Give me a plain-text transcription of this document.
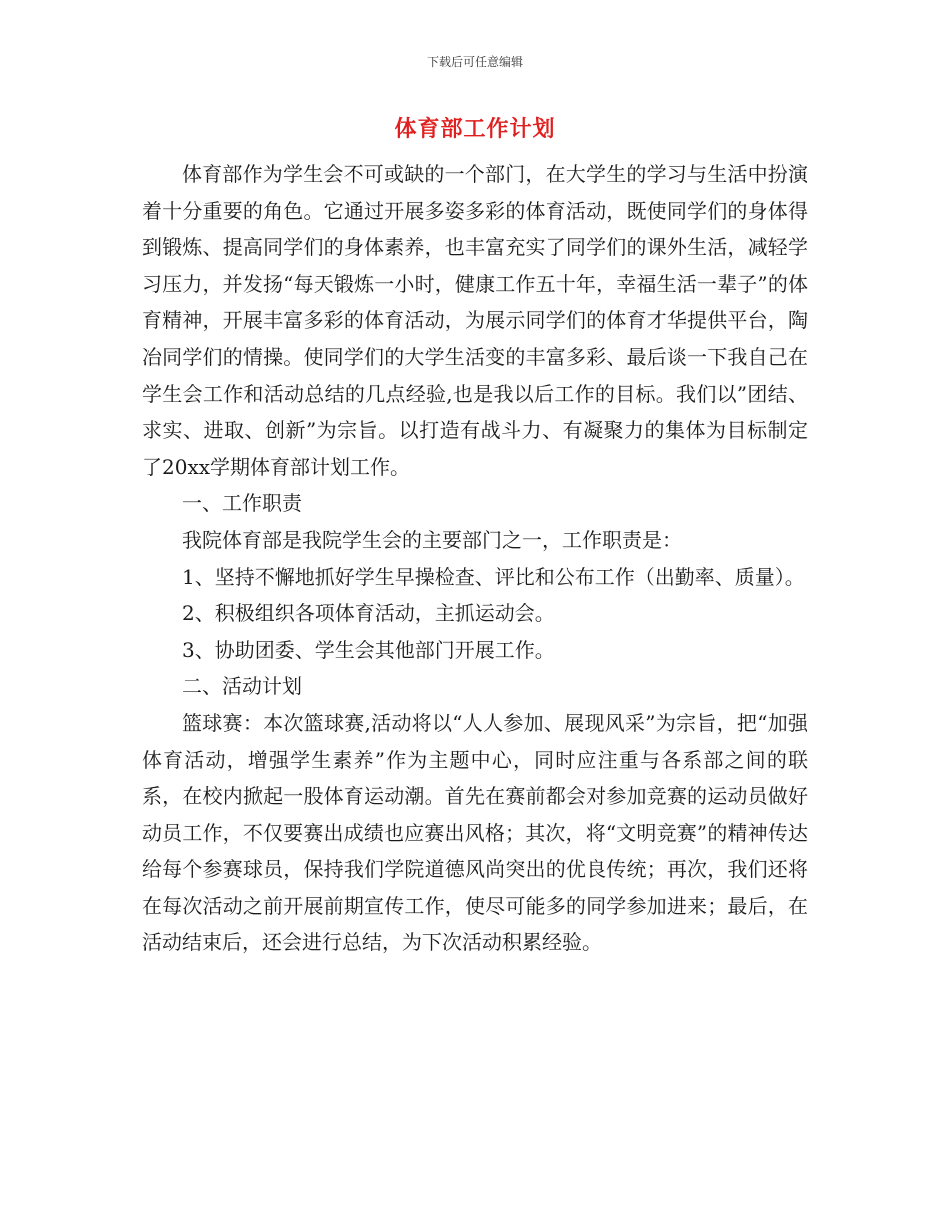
下载后可任意编辑
体育部工作计划

体育部作为学生会不可或缺的一个部门，在大学生的学习与生活中扮演着十分重要的角色。它通过开展多姿多彩的体育活动，既使同学们的身体得到锻炼、提高同学们的身体素养，也丰富充实了同学们的课外生活，减轻学习压力，并发扬“每天锻炼一小时，健康工作五十年，幸福生活一辈子”的体育精神，开展丰富多彩的体育活动，为展示同学们的体育才华提供平台，陶冶同学们的情操。使同学们的大学生活变的丰富多彩、最后谈一下我自己在学生会工作和活动总结的几点经验,也是我以后工作的目标。我们以”团结、求实、进取、创新”为宗旨。以打造有战斗力、有凝聚力的集体为目标制定了20xx学期体育部计划工作。

一、工作职责

我院体育部是我院学生会的主要部门之一，工作职责是：

1、坚持不懈地抓好学生早操检查、评比和公布工作（出勤率、质量）。

2、积极组织各项体育活动，主抓运动会。

3、协助团委、学生会其他部门开展工作。

二、活动计划

篮球赛：本次篮球赛,活动将以“人人参加、展现风采”为宗旨，把“加强体育活动，增强学生素养”作为主题中心，同时应注重与各系部之间的联系，在校内掀起一股体育运动潮。首先在赛前都会对参加竞赛的运动员做好动员工作，不仅要赛出成绩也应赛出风格；其次，将“文明竞赛”的精神传达给每个参赛球员，保持我们学院道德风尚突出的优良传统；再次，我们还将在每次活动之前开展前期宣传工作，使尽可能多的同学参加进来；最后，在活动结束后，还会进行总结，为下次活动积累经验。
